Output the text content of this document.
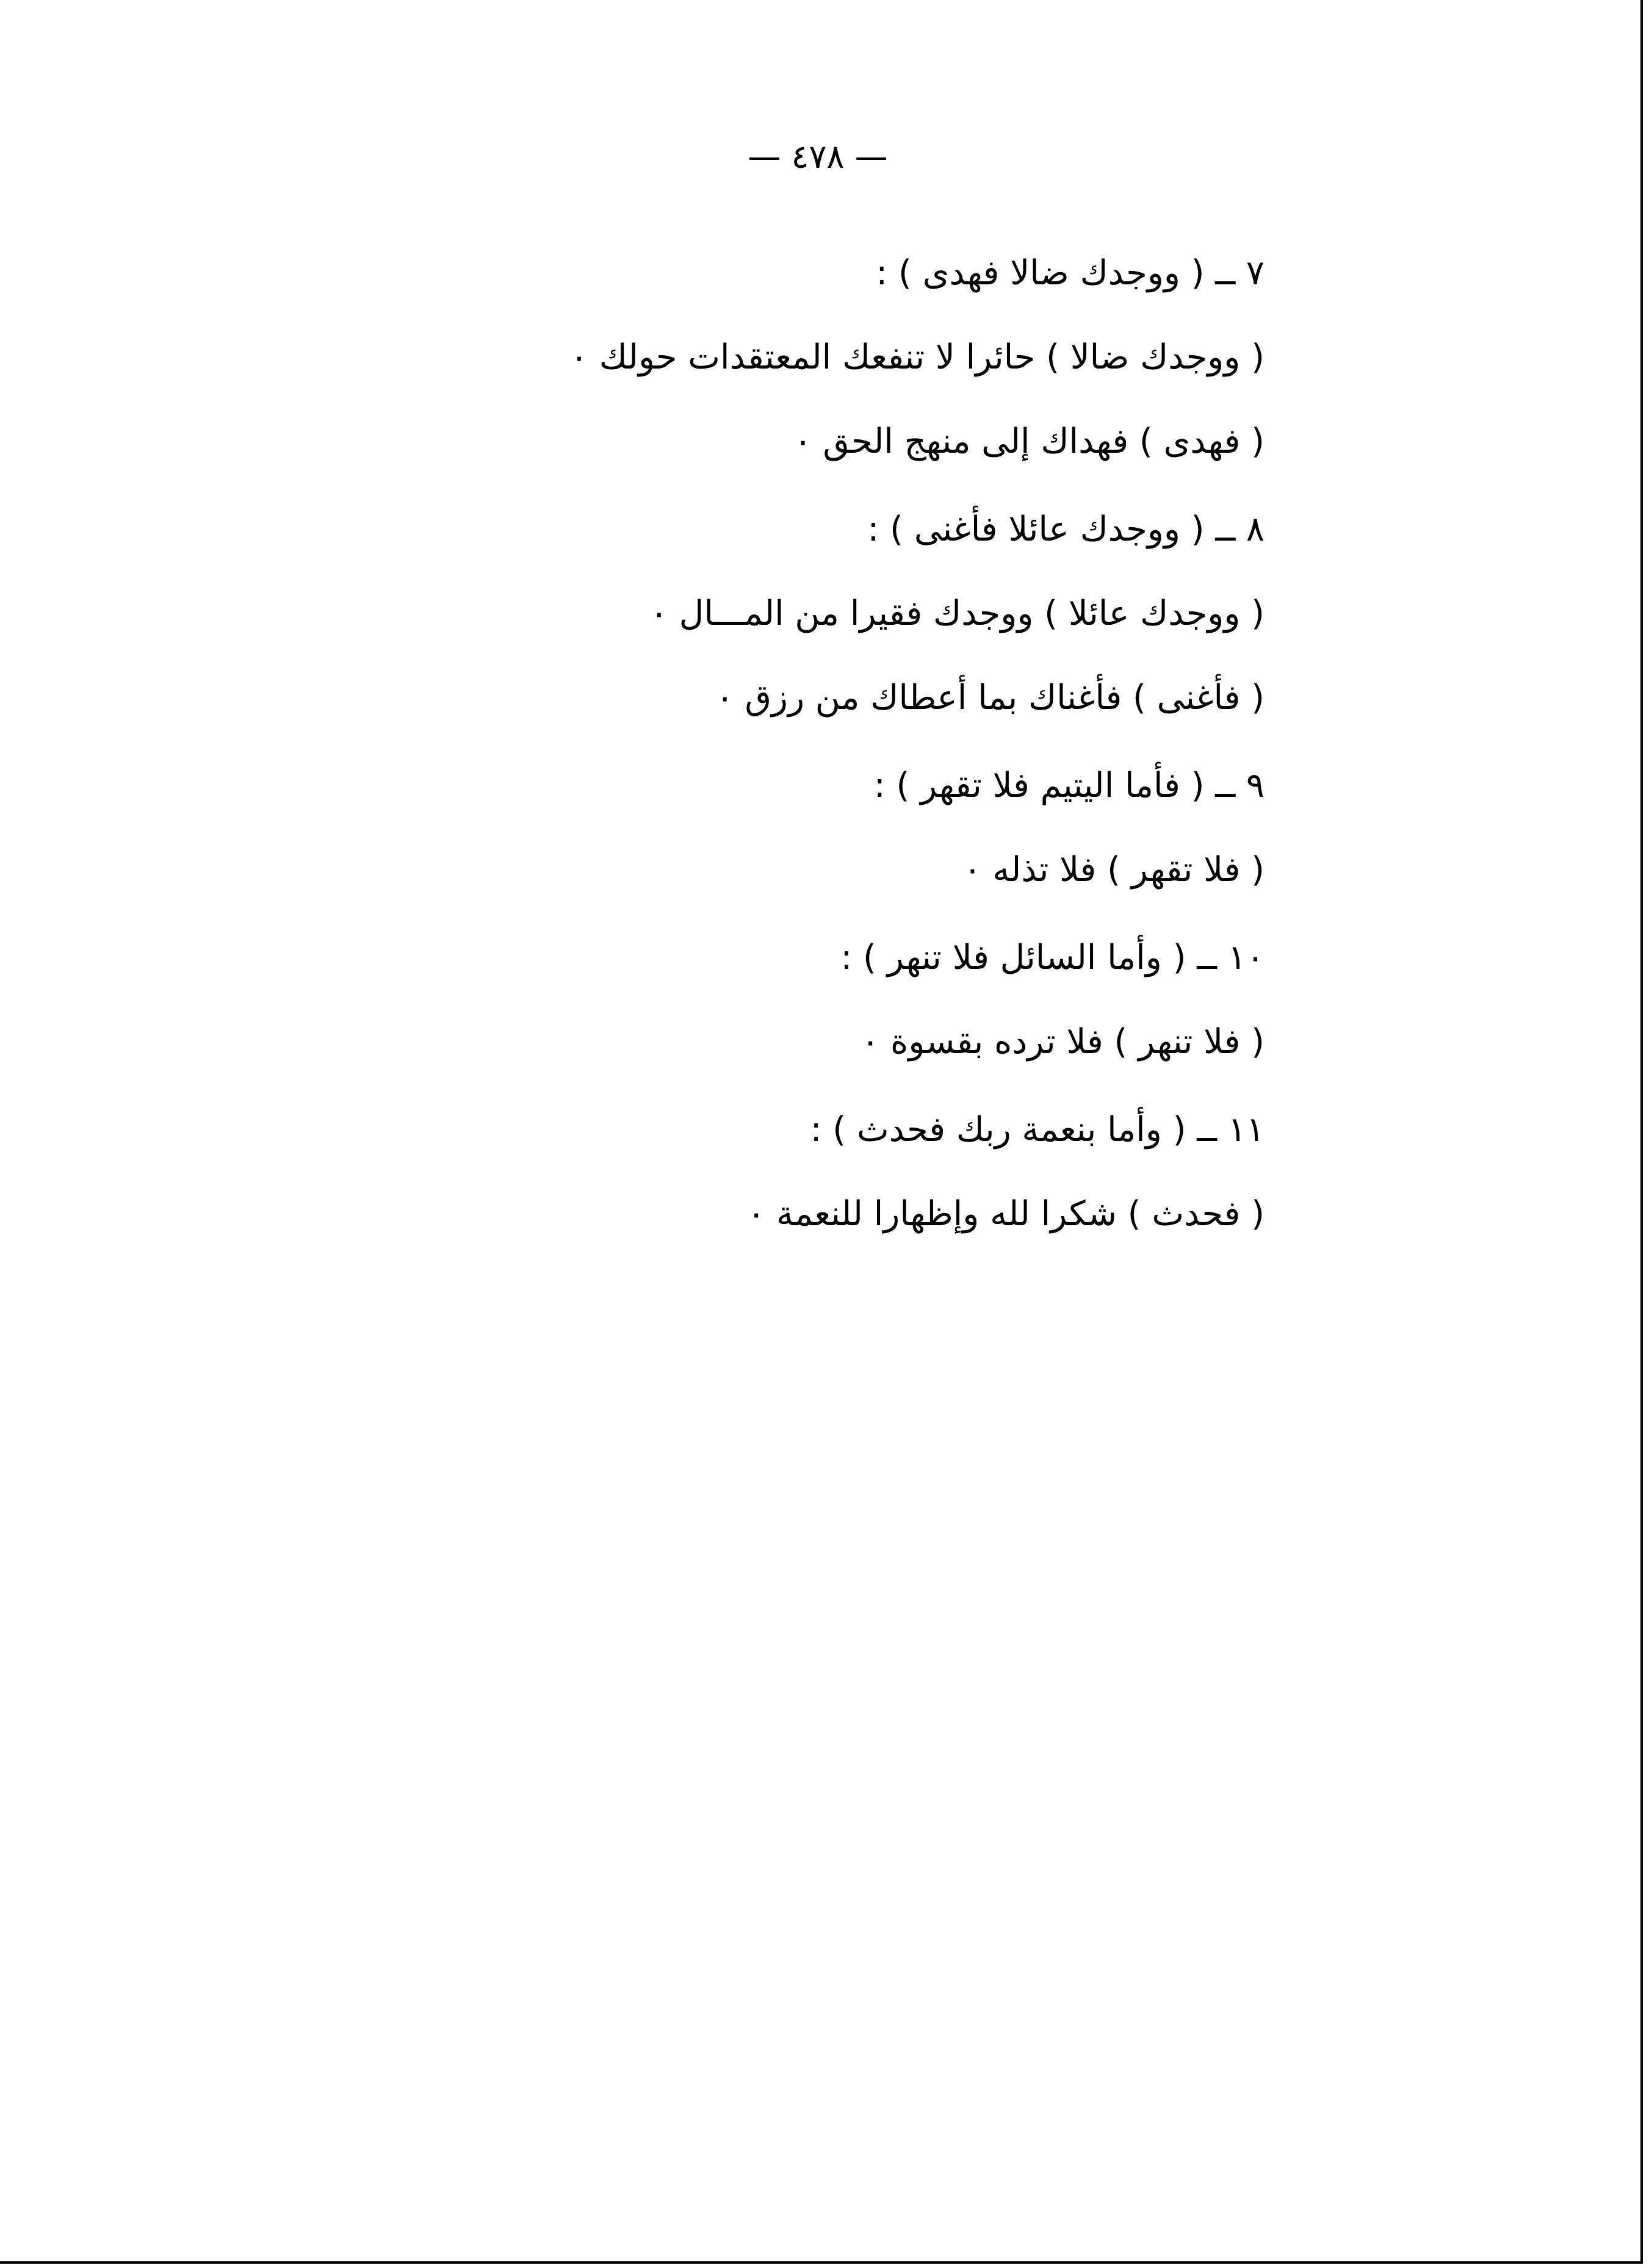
— ٤٧٨ —

٧ ــ ( ووجدك ضالا فهدى ) :

( ووجدك ضالا ) حائرا لا تنفعك المعتقدات حولك ٠

( فهدى ) فهداك إلى منهج الحق ٠

٨ ــ ( ووجدك عائلا فأغنى ) :

( ووجدك عائلا ) ووجدك فقيرا من المـــال ٠

( فأغنى ) فأغناك بما أعطاك من رزق ٠

٩ ــ ( فأما اليتيم فلا تقهر ) :

( فلا تقهر ) فلا تذله ٠

١٠ ــ ( وأما السائل فلا تنهر ) :

( فلا تنهر ) فلا ترده بقسوة ٠

١١ ــ ( وأما بنعمة ربك فحدث ) :

( فحدث ) شكرا لله وإظهارا للنعمة ٠
